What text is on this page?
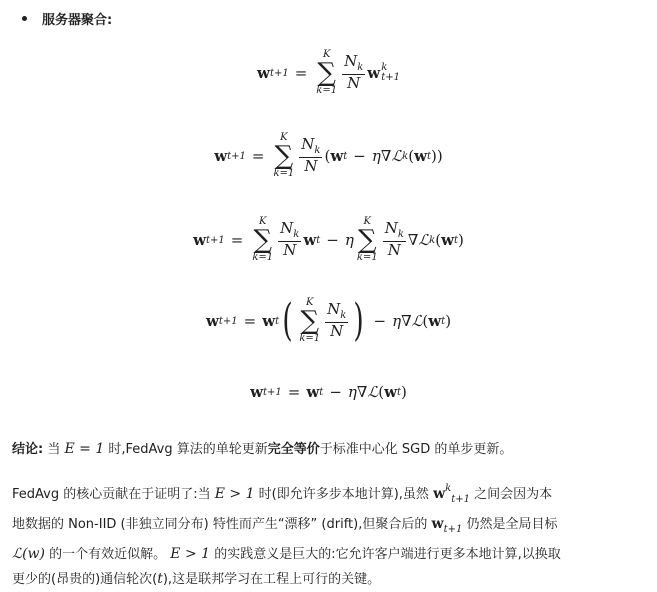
服务器聚合:
w t+1 =
K
∑
$k=1 \frac{N_k}{N}$ w k
t+1
w t+1 =
K
∑
$k=1 \frac{N_k}{N}$ ( w t − η ∇ ℒ k ( w t ))
w t+1 =
K
∑
$k=1 \frac{N_k}{N}$ w t − η
K
∑
$k=1 \frac{N_k}{N}$ ∇ ℒ k ( w t )
w t+1 = w t ( K
∑
$k=1 \frac{N_k}{N}$ ) − η ∇ ℒ ( w t )
w t+1 = w t − η ∇ ℒ ( w t )
结论: 当 E = 1 时,FedAvg 算法的单轮更新完全等价于标准中心化 SGD 的单步更新。
FedAvg 的核心贡献在于证明了:当 E > 1 时(即允许多步本地计算),虽然 $w^k_{t+1}$ 之间会因为本
地数据的 Non-IID (非独立同分布) 特性而产生“漂移” (drift),但聚合后的 $w_{t+1}$ 仍然是全局目标
ℒ(w) 的一个有效近似解。 E > 1 的实践意义是巨大的:它允许客户端进行更多本地计算,以换取
更少的(昂贵的)通信轮次(t),这是联邦学习在工程上可行的关键。
